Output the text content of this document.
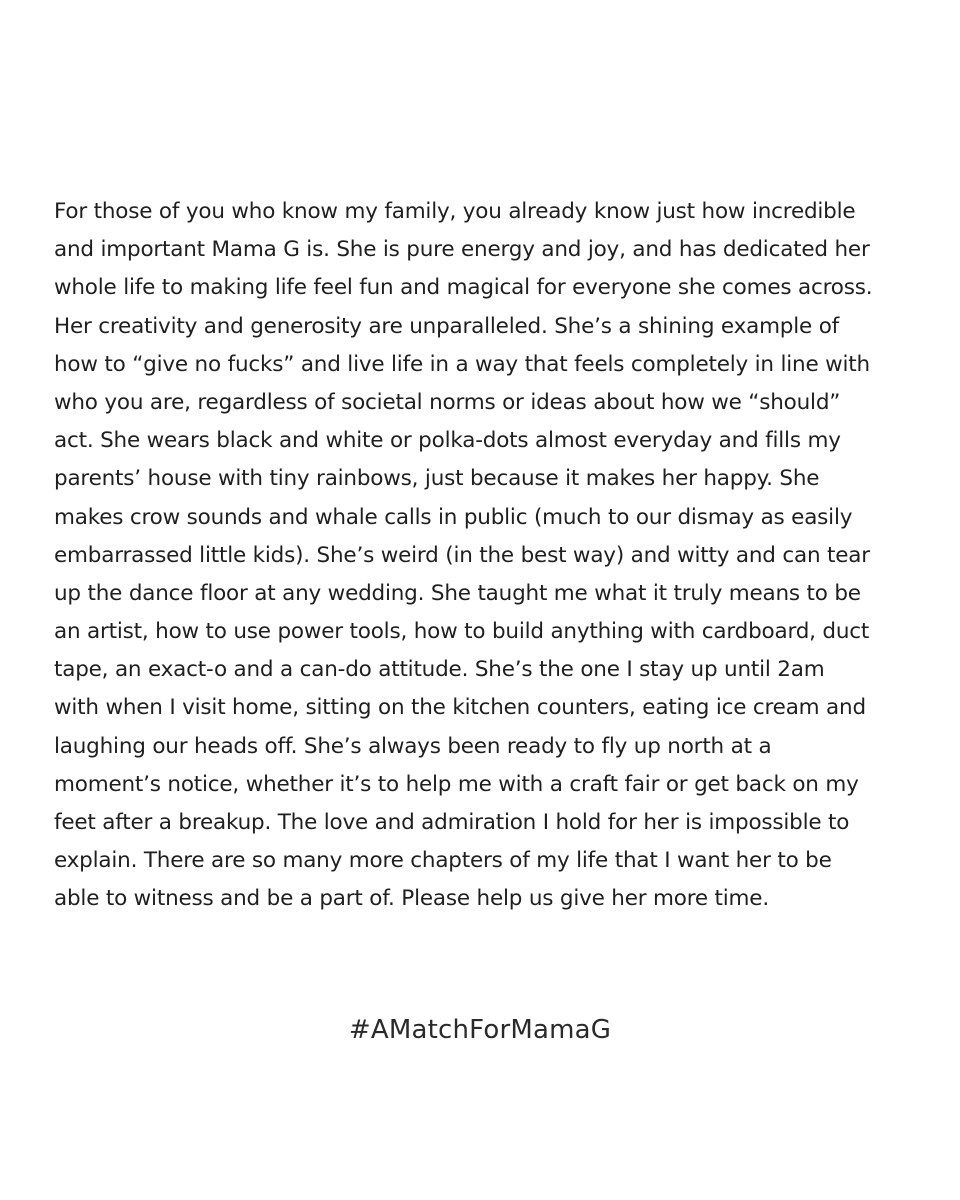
For those of you who know my family, you already know just how incredible
and important Mama G is. She is pure energy and joy, and has dedicated her
whole life to making life feel fun and magical for everyone she comes across.
Her creativity and generosity are unparalleled. She’s a shining example of
how to “give no fucks” and live life in a way that feels completely in line with
who you are, regardless of societal norms or ideas about how we “should”
act. She wears black and white or polka-dots almost everyday and fills my
parents’ house with tiny rainbows, just because it makes her happy. She
makes crow sounds and whale calls in public (much to our dismay as easily
embarrassed little kids). She’s weird (in the best way) and witty and can tear
up the dance floor at any wedding. She taught me what it truly means to be
an artist, how to use power tools, how to build anything with cardboard, duct
tape, an exact-o and a can-do attitude. She’s the one I stay up until 2am
with when I visit home, sitting on the kitchen counters, eating ice cream and
laughing our heads off. She’s always been ready to fly up north at a
moment’s notice, whether it’s to help me with a craft fair or get back on my
feet after a breakup. The love and admiration I hold for her is impossible to
explain. There are so many more chapters of my life that I want her to be
able to witness and be a part of. Please help us give her more time.
#AMatchForMamaG
